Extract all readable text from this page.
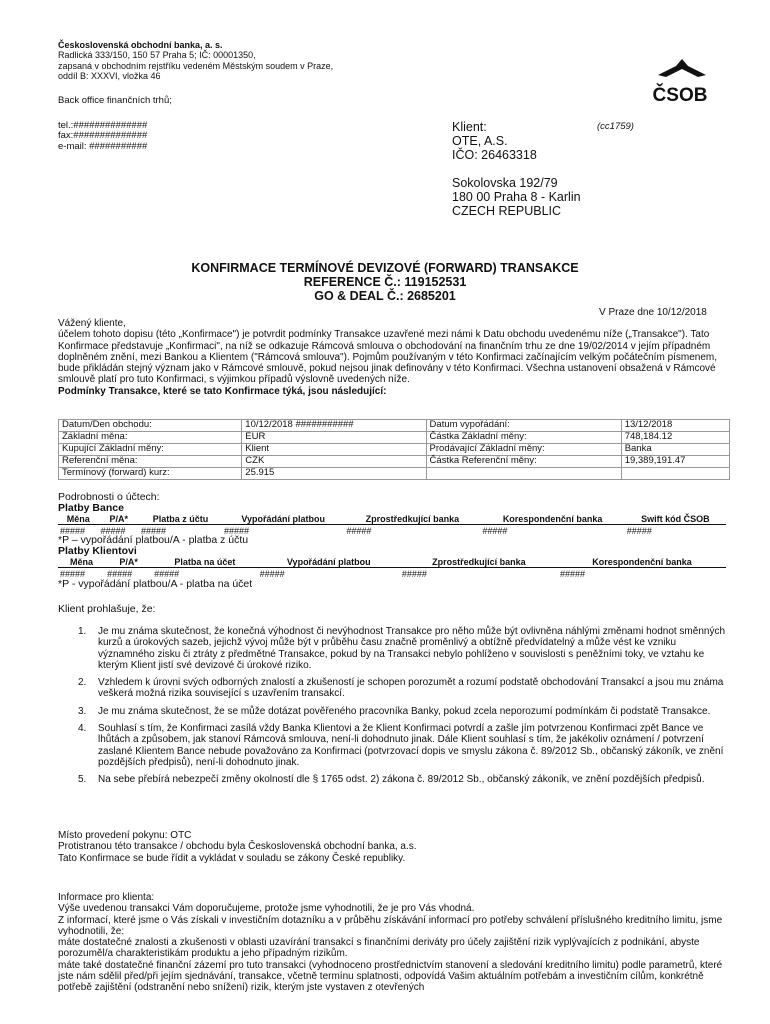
Československá obchodní banka, a. s.
Radlická 333/150, 150 57 Praha 5; IČ: 00001350,
zapsaná v obchodním rejstříku vedeném Městským soudem v Praze,
oddíl B: XXXVI, vložka 46
ČSOB
Back office finančních trhů;
tel.:##############
fax:##############
e-mail: ###########
Klient:
OTE, A.S.
IČO: 26463318
Sokolovska 192/79
180 00 Praha 8 - Karlin
CZECH REPUBLIC
(cc1759)
KONFIRMACE TERMÍNOVÉ DEVIZOVÉ (FORWARD) TRANSAKCE
REFERENCE Č.: 119152531
GO & DEAL Č.: 2685201
V Praze dne 10/12/2018

Vážený kliente,

účelem tohoto dopisu (této „Konfirmace") je potvrdit podmínky Transakce uzavřené mezi námi k Datu obchodu uvedenému níže („Transakce"). Tato Konfirmace představuje „Konfirmaci", na níž se odkazuje Rámcová smlouva o obchodování na finančním trhu ze dne 19/02/2014 v jejím případném doplněném znění, mezi Bankou a Klientem ("Rámcová smlouva"). Pojmům používaným v této Konfirmaci začínajícím velkým počátečním písmenem, bude přikládán stejný význam jako v Rámcové smlouvě, pokud nejsou jinak definovány v této Konfirmaci. Všechna ustanovení obsažená v Rámcové smlouvě platí pro tuto Konfirmaci, s výjimkou případů výslovně uvedených níže.

Podmínky Transakce, které se tato Konfirmace týká, jsou následující:

Datum/Den obchodu:	10/12/2018 ###########	Datum vypořádání:	13/12/2018
Základní měna:	EUR	Částka Základní měny:	748,184.12
Kupující Základní měny:	Klient	Prodávající Základní měny:	Banka
Referenční měna:	CZK	Částka Referenční měny:	19,389,191.47
Termínový (forward) kurz:	25.915		
Podrobnosti o účtech:
Platby Bance
Měna	P/A*	Platba z účtu	Vypořádání platbou	Zprostředkující banka	Korespondenční banka	Swift kód ČSOB
#####	#####	#####	#####	#####	#####	#####
*P – vypořádání platbou/A - platba z účtu
Platby Klientovi
Měna	P/A*	Platba na účet	Vypořádání platbou	Zprostředkující banka	Korespondenční banka
#####	#####	#####	#####	#####	#####
*P - vypořádání platbou/A - platba na účet
Klient prohlašuje, že:
1. Je mu známa skutečnost, že konečná výhodnost či nevýhodnost Transakce pro něho může být ovlivněna náhlými změnami hodnot směnných kurzů a úrokových sazeb, jejichž vývoj může být v průběhu času značně proměnlivý a obtížně předvídatelný a může vést ke vzniku významného zisku či ztráty z předmětné Transakce, pokud by na Transakci nebylo pohlíženo v souvislosti s peněžními toky, ve vztahu ke kterým Klient jistí své devizové či úrokové riziko.
2. Vzhledem k úrovni svých odborných znalostí a zkušeností je schopen porozumět a rozumí podstatě obchodování Transakcí a jsou mu známa veškerá možná rizika související s uzavřením transakcí.
3. Je mu známa skutečnost, že se může dotázat pověřeného pracovníka Banky, pokud zcela neporozumí podmínkám či podstatě Transakce.
4. Souhlasí s tím, že Konfirmaci zasílá vždy Banka Klientovi a že Klient Konfirmaci potvrdí a zašle jím potvrzenou Konfirmaci zpět Bance ve lhůtách a způsobem, jak stanoví Rámcová smlouva, není-li dohodnuto jinak. Dále Klient souhlasí s tím, že jakékoliv oznámení / potvrzení zaslané Klientem Bance nebude považováno za Konfirmaci (potvrzovací dopis ve smyslu zákona č. 89/2012 Sb., občanský zákoník, ve znění pozdějších předpisů), není-li dohodnuto jinak.
5. Na sebe přebírá nebezpečí změny okolností dle § 1765 odst. 2) zákona č. 89/2012 Sb., občanský zákoník, ve znění pozdějších předpisů.

Místo provedení pokynu: OTC

Protistranou této transakce / obchodu byla Československá obchodní banka, a.s.

Tato Konfirmace se bude řídit a vykládat v souladu se zákony České republiky.

Informace pro klienta:

Výše uvedenou transakci Vám doporučujeme, protože jsme vyhodnotili, že je pro Vás vhodná.

Z informací, které jsme o Vás získali v investičním dotazníku a v průběhu získávání informací pro potřeby schválení příslušného kreditního limitu, jsme vyhodnotili, že:

máte dostatečné znalosti a zkušenosti v oblasti uzavírání transakcí s finančními deriváty pro účely zajištění rizik vyplývajících z podnikání, abyste porozuměl/a charakteristikám produktu a jeho případným rizikům.

máte také dostatečné finanční zázemí pro tuto transakci (vyhodnoceno prostřednictvím stanovení a sledování kreditního limitu) podle parametrů, které jste nám sdělil před/při jejím sjednávání, transakce, včetně termínu splatnosti, odpovídá Vašim aktuálním potřebám a investičním cílům, konkrétně potřebě zajištění (odstranění nebo snížení) rizik, kterým jste vystaven z otevřených
